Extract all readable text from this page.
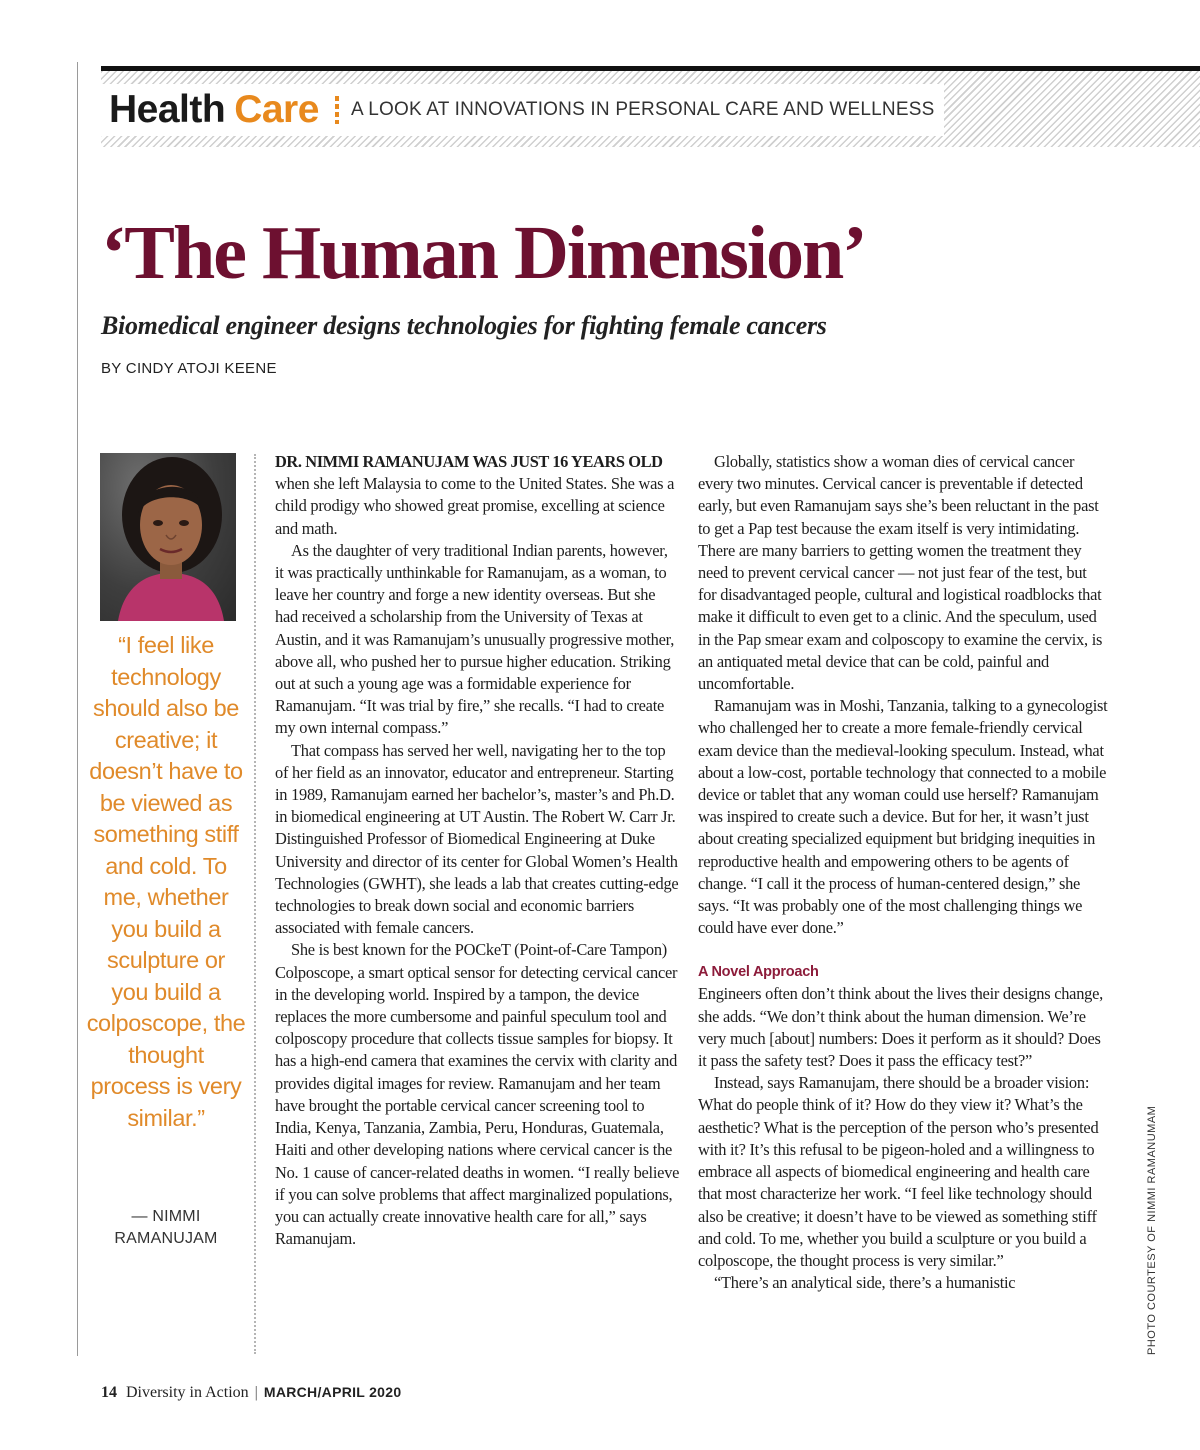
Health Care A LOOK AT INNOVATIONS IN PERSONAL CARE AND WELLNESS
‘The Human Dimension’
Biomedical engineer designs technologies for fighting female cancers
BY CINDY ATOJI KEENE
“I feel like technology should also be creative; it doesn’t have to be viewed as something stiff and cold. To me, whether you build a sculpture or you build a colposcope, the thought process is very similar.”
— NIMMI RAMANUJAM

DR. NIMMI RAMANUJAM WAS JUST 16 YEARS OLD when she left Malaysia to come to the United States. She was a child prodigy who showed great promise, excelling at science and math.

As the daughter of very traditional Indian parents, however, it was practically unthinkable for Ramanujam, as a woman, to leave her country and forge a new identity overseas. But she had received a scholarship from the University of Texas at Austin, and it was Ramanujam’s unusually progressive mother, above all, who pushed her to pursue higher education. Striking out at such a young age was a formidable experience for Ramanujam. “It was trial by fire,” she recalls. “I had to create my own internal compass.”

That compass has served her well, navigating her to the top of her field as an innovator, educator and entrepreneur. Starting in 1989, Ramanujam earned her bachelor’s, master’s and Ph.D. in biomedical engineering at UT Austin. The Robert W. Carr Jr. Distinguished Professor of Biomedical Engineering at Duke University and director of its center for Global Women’s Health Technologies (GWHT), she leads a lab that creates cutting-edge technologies to break down social and economic barriers associated with female cancers.

She is best known for the POCkeT (Point-of-Care Tampon) Colposcope, a smart optical sensor for detecting cervical cancer in the developing world. Inspired by a tampon, the device replaces the more cumbersome and painful speculum tool and colposcopy procedure that collects tissue samples for biopsy. It has a high-end camera that examines the cervix with clarity and provides digital images for review. Ramanujam and her team have brought the portable cervical cancer screening tool to India, Kenya, Tanzania, Zambia, Peru, Honduras, Guatemala, Haiti and other developing nations where cervical cancer is the No. 1 cause of cancer-related deaths in women. “I really believe if you can solve problems that affect marginalized populations, you can actually create innovative health care for all,” says Ramanujam.

Globally, statistics show a woman dies of cervical cancer every two minutes. Cervical cancer is preventable if detected early, but even Ramanujam says she’s been reluctant in the past to get a Pap test because the exam itself is very intimidating. There are many barriers to getting women the treatment they need to prevent cervical cancer — not just fear of the test, but for disadvantaged people, cultural and logistical roadblocks that make it difficult to even get to a clinic. And the speculum, used in the Pap smear exam and colposcopy to examine the cervix, is an antiquated metal device that can be cold, painful and uncomfortable.

Ramanujam was in Moshi, Tanzania, talking to a gynecologist who challenged her to create a more female-friendly cervical exam device than the medieval-looking speculum. Instead, what about a low-cost, portable technology that connected to a mobile device or tablet that any woman could use herself? Ramanujam was inspired to create such a device. But for her, it wasn’t just about creating specialized equipment but bridging inequities in reproductive health and empowering others to be agents of change. “I call it the process of human-centered design,” she says. “It was probably one of the most challenging things we could have ever done.”

A Novel Approach

Engineers often don’t think about the lives their designs change, she adds. “We don’t think about the human dimension. We’re very much [about] numbers: Does it perform as it should? Does it pass the safety test? Does it pass the efficacy test?”

Instead, says Ramanujam, there should be a broader vision: What do people think of it? How do they view it? What’s the aesthetic? What is the perception of the person who’s presented with it? It’s this refusal to be pigeon-holed and a willingness to embrace all aspects of biomedical engineering and health care that most characterize her work. “I feel like technology should also be creative; it doesn’t have to be viewed as something stiff and cold. To me, whether you build a sculpture or you build a colposcope, the thought process is very similar.”

“There’s an analytical side, there’s a humanistic	PHOTO COURTESY OF NIMMI RAMANUMAM
14 Diversity in Action | MARCH/APRIL 2020
